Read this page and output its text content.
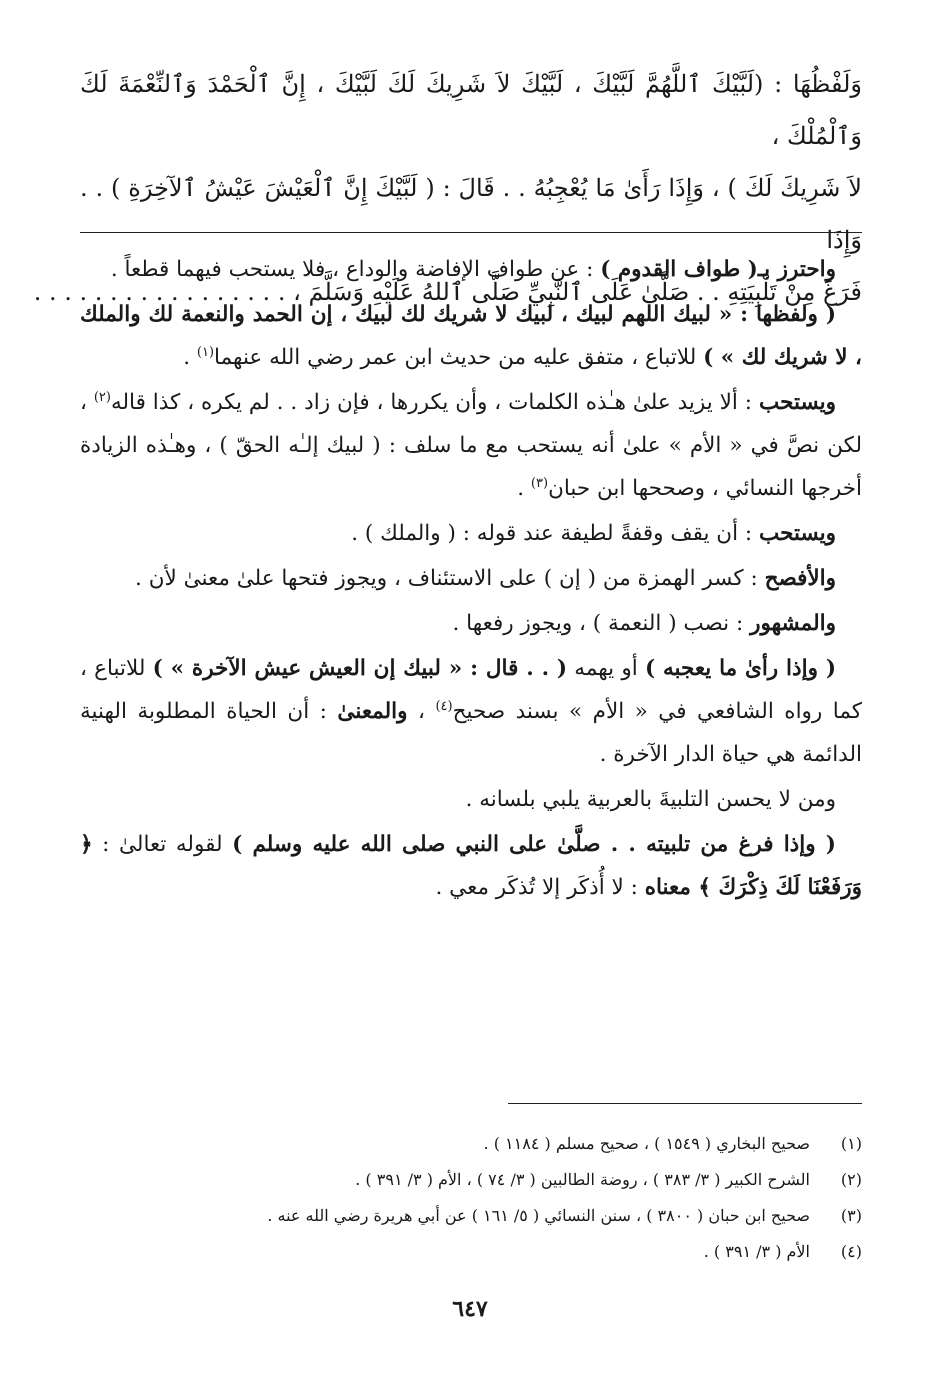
وَلَفْظُهَا : (لَبَّيْكَ ٱللَّهُمَّ لَبَّيْكَ ، لَبَّيْكَ لاَ شَرِيكَ لَكَ لَبَّيْكَ ، إِنَّ ٱلْحَمْدَ وَٱلنِّعْمَةَ لَكَ وَٱلْمُلْكَ ،

لاَ شَرِيكَ لَكَ ) ، وَإِذَا رَأَىٰ مَا يُعْجِبُهُ . . قَالَ : ( لَبَّيْكَ إِنَّ ٱلْعَيْشَ عَيْشُ ٱلآخِرَةِ ) . . وَإِذَا

فَرَغَ مِنْ تَلْبِيَتِهِ . . صَلَّىٰ عَلَى ٱلنَّبِيِّ صَلَّى ٱللهُ عَلَيْهِ وَسَلَّمَ ، . . . . . . . . . . . . . . . . .

واحترز بـ( طواف القدوم ) : عن طواف الإفاضة والوداع ، فلا يستحب فيهما قطعاً .

( ولفظها : « لبيك اللهم لبيك ، لبيك لا شريك لك لبيك ، إن الحمد والنعمة لك والملك ، لا شريك لك » ) للاتباع ، متفق عليه من حديث ابن عمر رضي الله عنهما$^{(١)}$ .

ويستحب : ألا يزيد علىٰ هـٰذه الكلمات ، وأن يكررها ، فإن زاد . . لم يكره ، كذا قاله$^{(٢)}$ ، لكن نصَّ في « الأم » علىٰ أنه يستحب مع ما سلف : ( لبيك إلـٰه الحقّ ) ، وهـٰذه الزيادة أخرجها النسائي ، وصححها ابن حبان$^{(٣)}$ .

ويستحب : أن يقف وقفةً لطيفة عند قوله : ( والملك ) .

والأفصح : كسر الهمزة من ( إن ) على الاستئناف ، ويجوز فتحها علىٰ معنىٰ لأن .

والمشهور : نصب ( النعمة ) ، ويجوز رفعها .

( وإذا رأىٰ ما يعجبه ) أو يهمه ( . . قال : « لبيك إن العيش عيش الآخرة » ) للاتباع ، كما رواه الشافعي في « الأم » بسند صحيح$^{(٤)}$ ، والمعنىٰ : أن الحياة المطلوبة الهنية الدائمة هي حياة الدار الآخرة .

ومن لا يحسن التلبيةَ بالعربية يلبي بلسانه .

( وإذا فرغ من تلبيته . . صلَّىٰ على النبي صلى الله عليه وسلم ) لقوله تعالىٰ : ﴿ وَرَفَعْنَا لَكَ ذِكْرَكَ ﴾ معناه : لا أُذكَر إلا تُذكَر معي .

(١)
صحيح البخاري ( ١٥٤٩ ) ، صحيح مسلم ( ١١٨٤ ) .
(٢)
الشرح الكبير ( ٣/ ٣٨٣ ) ، روضة الطالبين ( ٣/ ٧٤ ) ، الأم ( ٣/ ٣٩١ ) .
(٣)
صحيح ابن حبان ( ٣٨٠٠ ) ، سنن النسائي ( ٥/ ١٦١ ) عن أبي هريرة رضي الله عنه .
(٤)
الأم ( ٣/ ٣٩١ ) .
٦٤٧
